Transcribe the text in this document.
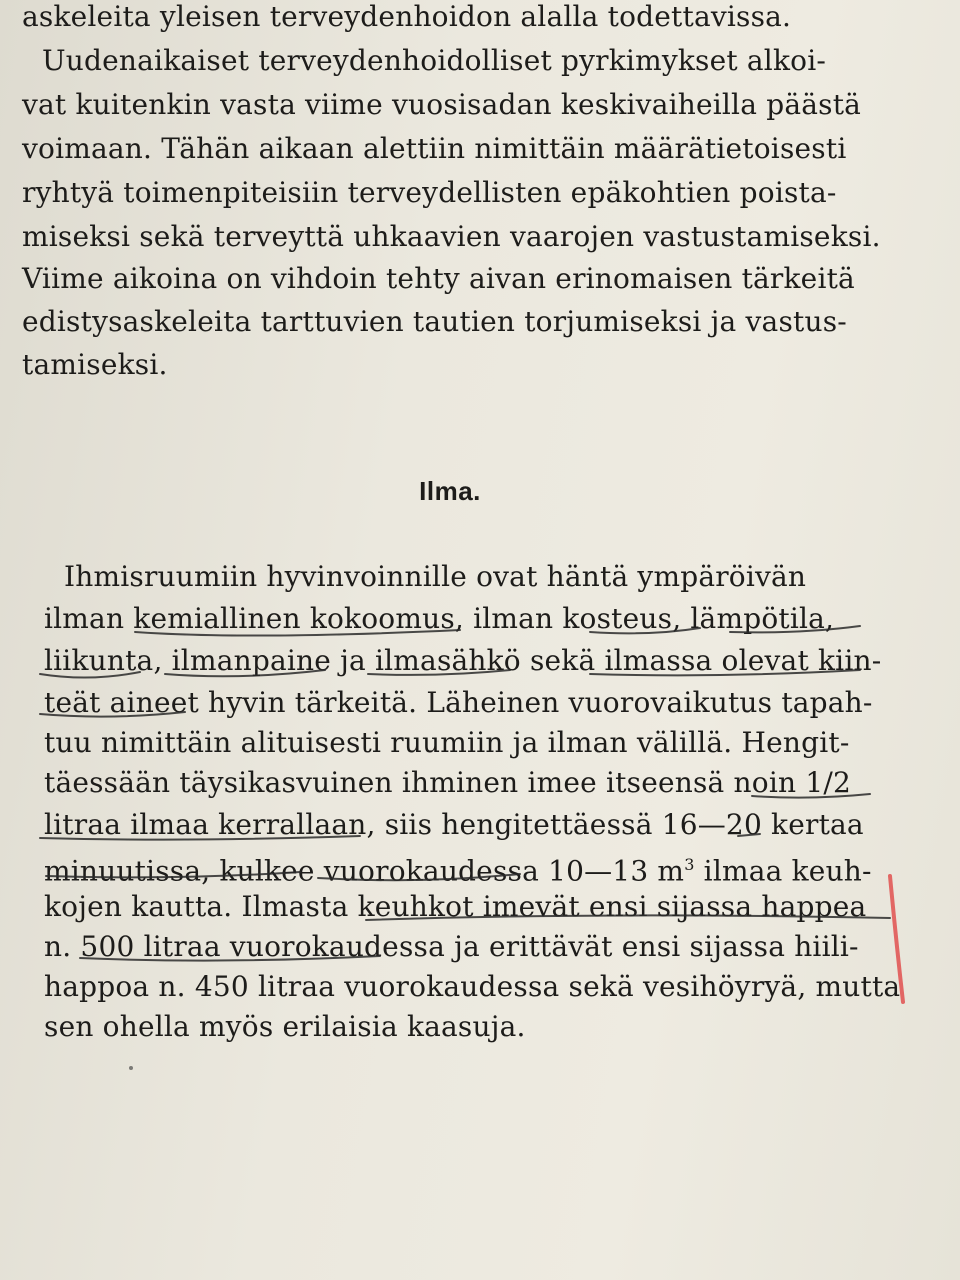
askeleita yleisen terveydenhoidon alalla todettavissa.
Uudenaikaiset terveydenhoidolliset pyrkimykset alkoi-
vat kuitenkin vasta viime vuosisadan keskivaiheilla päästä
voimaan. Tähän aikaan alettiin nimittäin määrätietoisesti
ryhtyä toimenpiteisiin terveydellisten epäkohtien poista-
miseksi sekä terveyttä uhkaavien vaarojen vastustamiseksi.
Viime aikoina on vihdoin tehty aivan erinomaisen tärkeitä
edistysaskeleita tarttuvien tautien torjumiseksi ja vastus-
tamiseksi.
Ilma.
Ihmisruumiin hyvinvoinnille ovat häntä ympäröivän
ilman kemiallinen kokoomus, ilman kosteus, lämpötila,
liikunta, ilmanpaine ja ilmasähkö sekä ilmassa olevat kiin-
teät aineet hyvin tärkeitä. Läheinen vuorovaikutus tapah-
tuu nimittäin alituisesti ruumiin ja ilman välillä. Hengit-
täessään täysikasvuinen ihminen imee itseensä noin 1/2
litraa ilmaa kerrallaan, siis hengitettäessä 16—20 kertaa
minuutissa, kulkee vuorokaudessa 10—13 $m^3$ ilmaa keuh-
kojen kautta. Ilmasta keuhkot imevät ensi sijassa happea
n. 500 litraa vuorokaudessa ja erittävät ensi sijassa hiili-
happoa n. 450 litraa vuorokaudessa sekä vesihöyryä, mutta
sen ohella myös erilaisia kaasuja.
